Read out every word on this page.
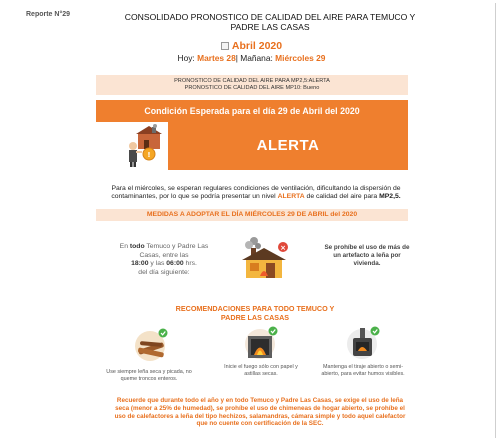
Reporte N°29	CONSOLIDADO PRONOSTICO DE CALIDAD DEL AIRE PARA TEMUCO Y
PADRE LAS CASAS
Abril 2020
Hoy: Martes 28| Mañana: Miércoles 29
PRONOSTICO DE CALIDAD DEL AIRE PARA MP2,5:ALERTA
PRONOSTICO DE CALIDAD DEL AIRE MP10: Bueno
Condición Esperada para el día 29 de Abril del 2020
!
ALERTA
Para el miércoles, se esperan regulares condiciones de ventilación, dificultando la dispersión de contaminantes, por lo que se podría presentar un nivel ALERTA de calidad del aire para MP2,5.
MEDIDAS A ADOPTAR EL DÍA MIÉRCOLES 29 DE ABRIL del 2020
En todo Temuco y Padre Las Casas, entre las
18:00 y las 06:00 hrs.
del día siguiente:
×	Se prohíbe el uso de más de un artefacto a leña por vivienda.
RECOMENDACIONES PARA TODO TEMUCO Y
PADRE LAS CASAS
Use siempre leña seca y picada, no queme troncos enteros.
Inicie el fuego sólo con papel y astillas secas.
Mantenga el tiraje abierto o semi-abierto, para evitar humos visibles.
Recuerde que durante todo el año y en todo Temuco y Padre Las Casas, se exige el uso de leña seca (menor a 25% de humedad), se prohíbe el uso de chimeneas de hogar abierto, se prohíbe el uso de calefactores a leña del tipo hechizos, salamandras, cámara simple y todo aquel calefactor que no cuente con certificación de la SEC.
